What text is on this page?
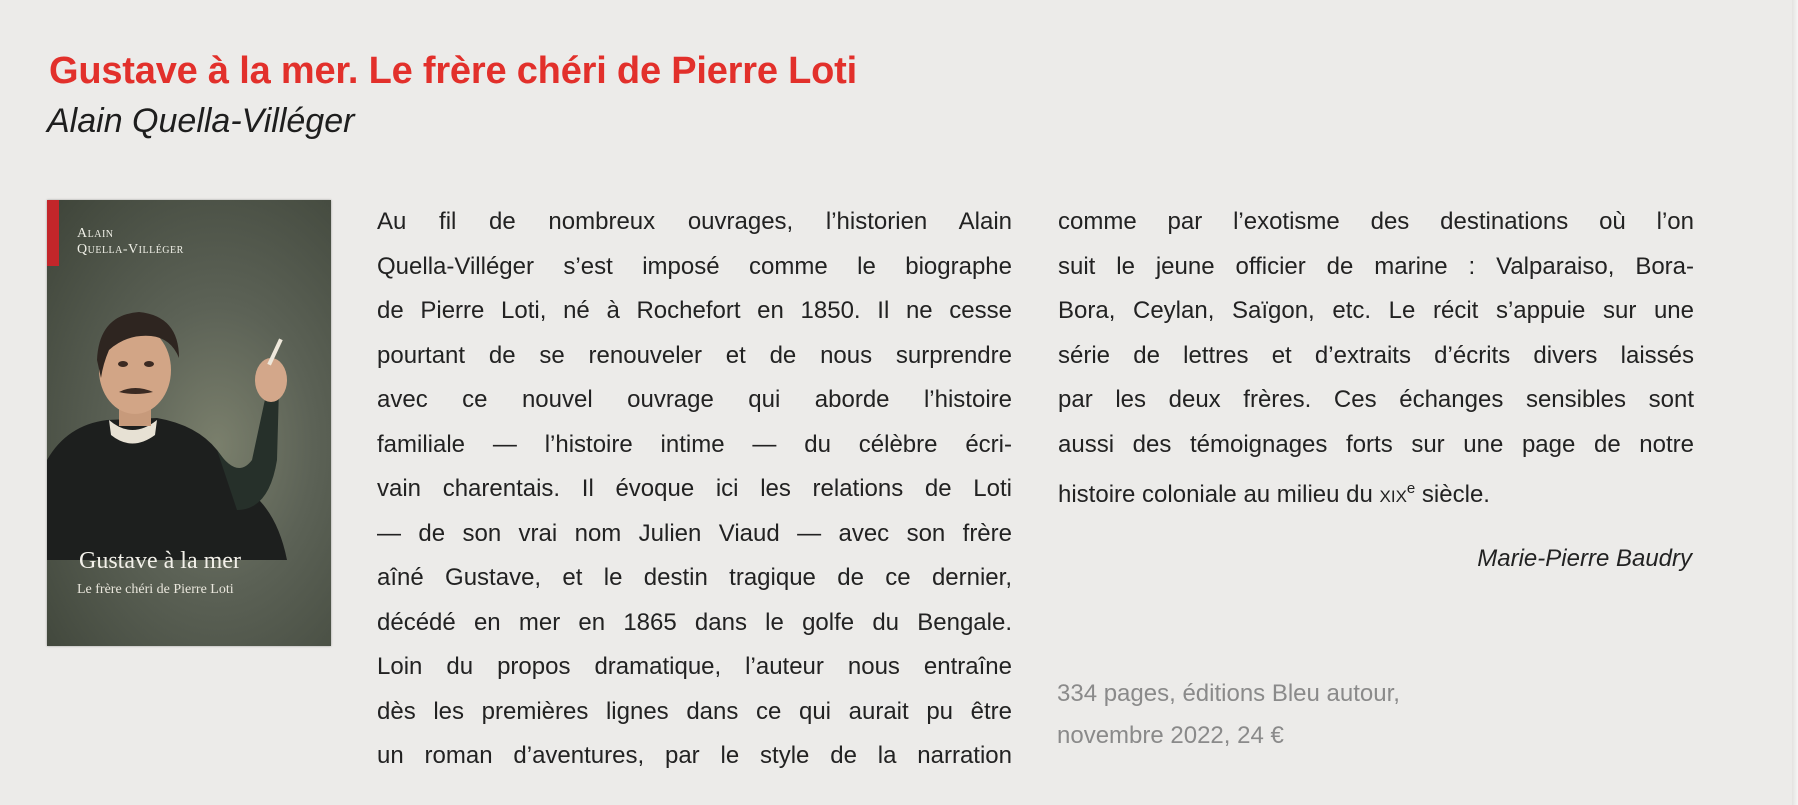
Gustave à la mer. Le frère chéri de Pierre Loti
Alain Quella-Villéger
Alain
Quella-Villéger
Gustave à la mer
Le frère chéri de Pierre Loti
Au fil de nombreux ouvrages, l’historien Alain
Quella-Villéger s’est imposé comme le biographe
de Pierre Loti, né à Rochefort en 1850. Il ne cesse
pourtant de se renouveler et de nous surprendre
avec ce nouvel ouvrage qui aborde l’histoire
familiale — l’histoire intime — du célèbre écri-
vain charentais. Il évoque ici les relations de Loti
— de son vrai nom Julien Viaud — avec son frère
aîné Gustave, et le destin tragique de ce dernier,
décédé en mer en 1865 dans le golfe du Bengale.
Loin du propos dramatique, l’auteur nous entraîne
dès les premières lignes dans ce qui aurait pu être
un roman d’aventures, par le style de la narration
comme par l’exotisme des destinations où l’on
suit le jeune officier de marine : Valparaiso, Bora-
Bora, Ceylan, Saïgon, etc. Le récit s’appuie sur une
série de lettres et d’extraits d’écrits divers laissés
par les deux frères. Ces échanges sensibles sont
aussi des témoignages forts sur une page de notre
histoire coloniale au milieu du xix$^e$ siècle.
Marie-Pierre Baudry
334 pages, éditions Bleu autour,
novembre 2022, 24 €
